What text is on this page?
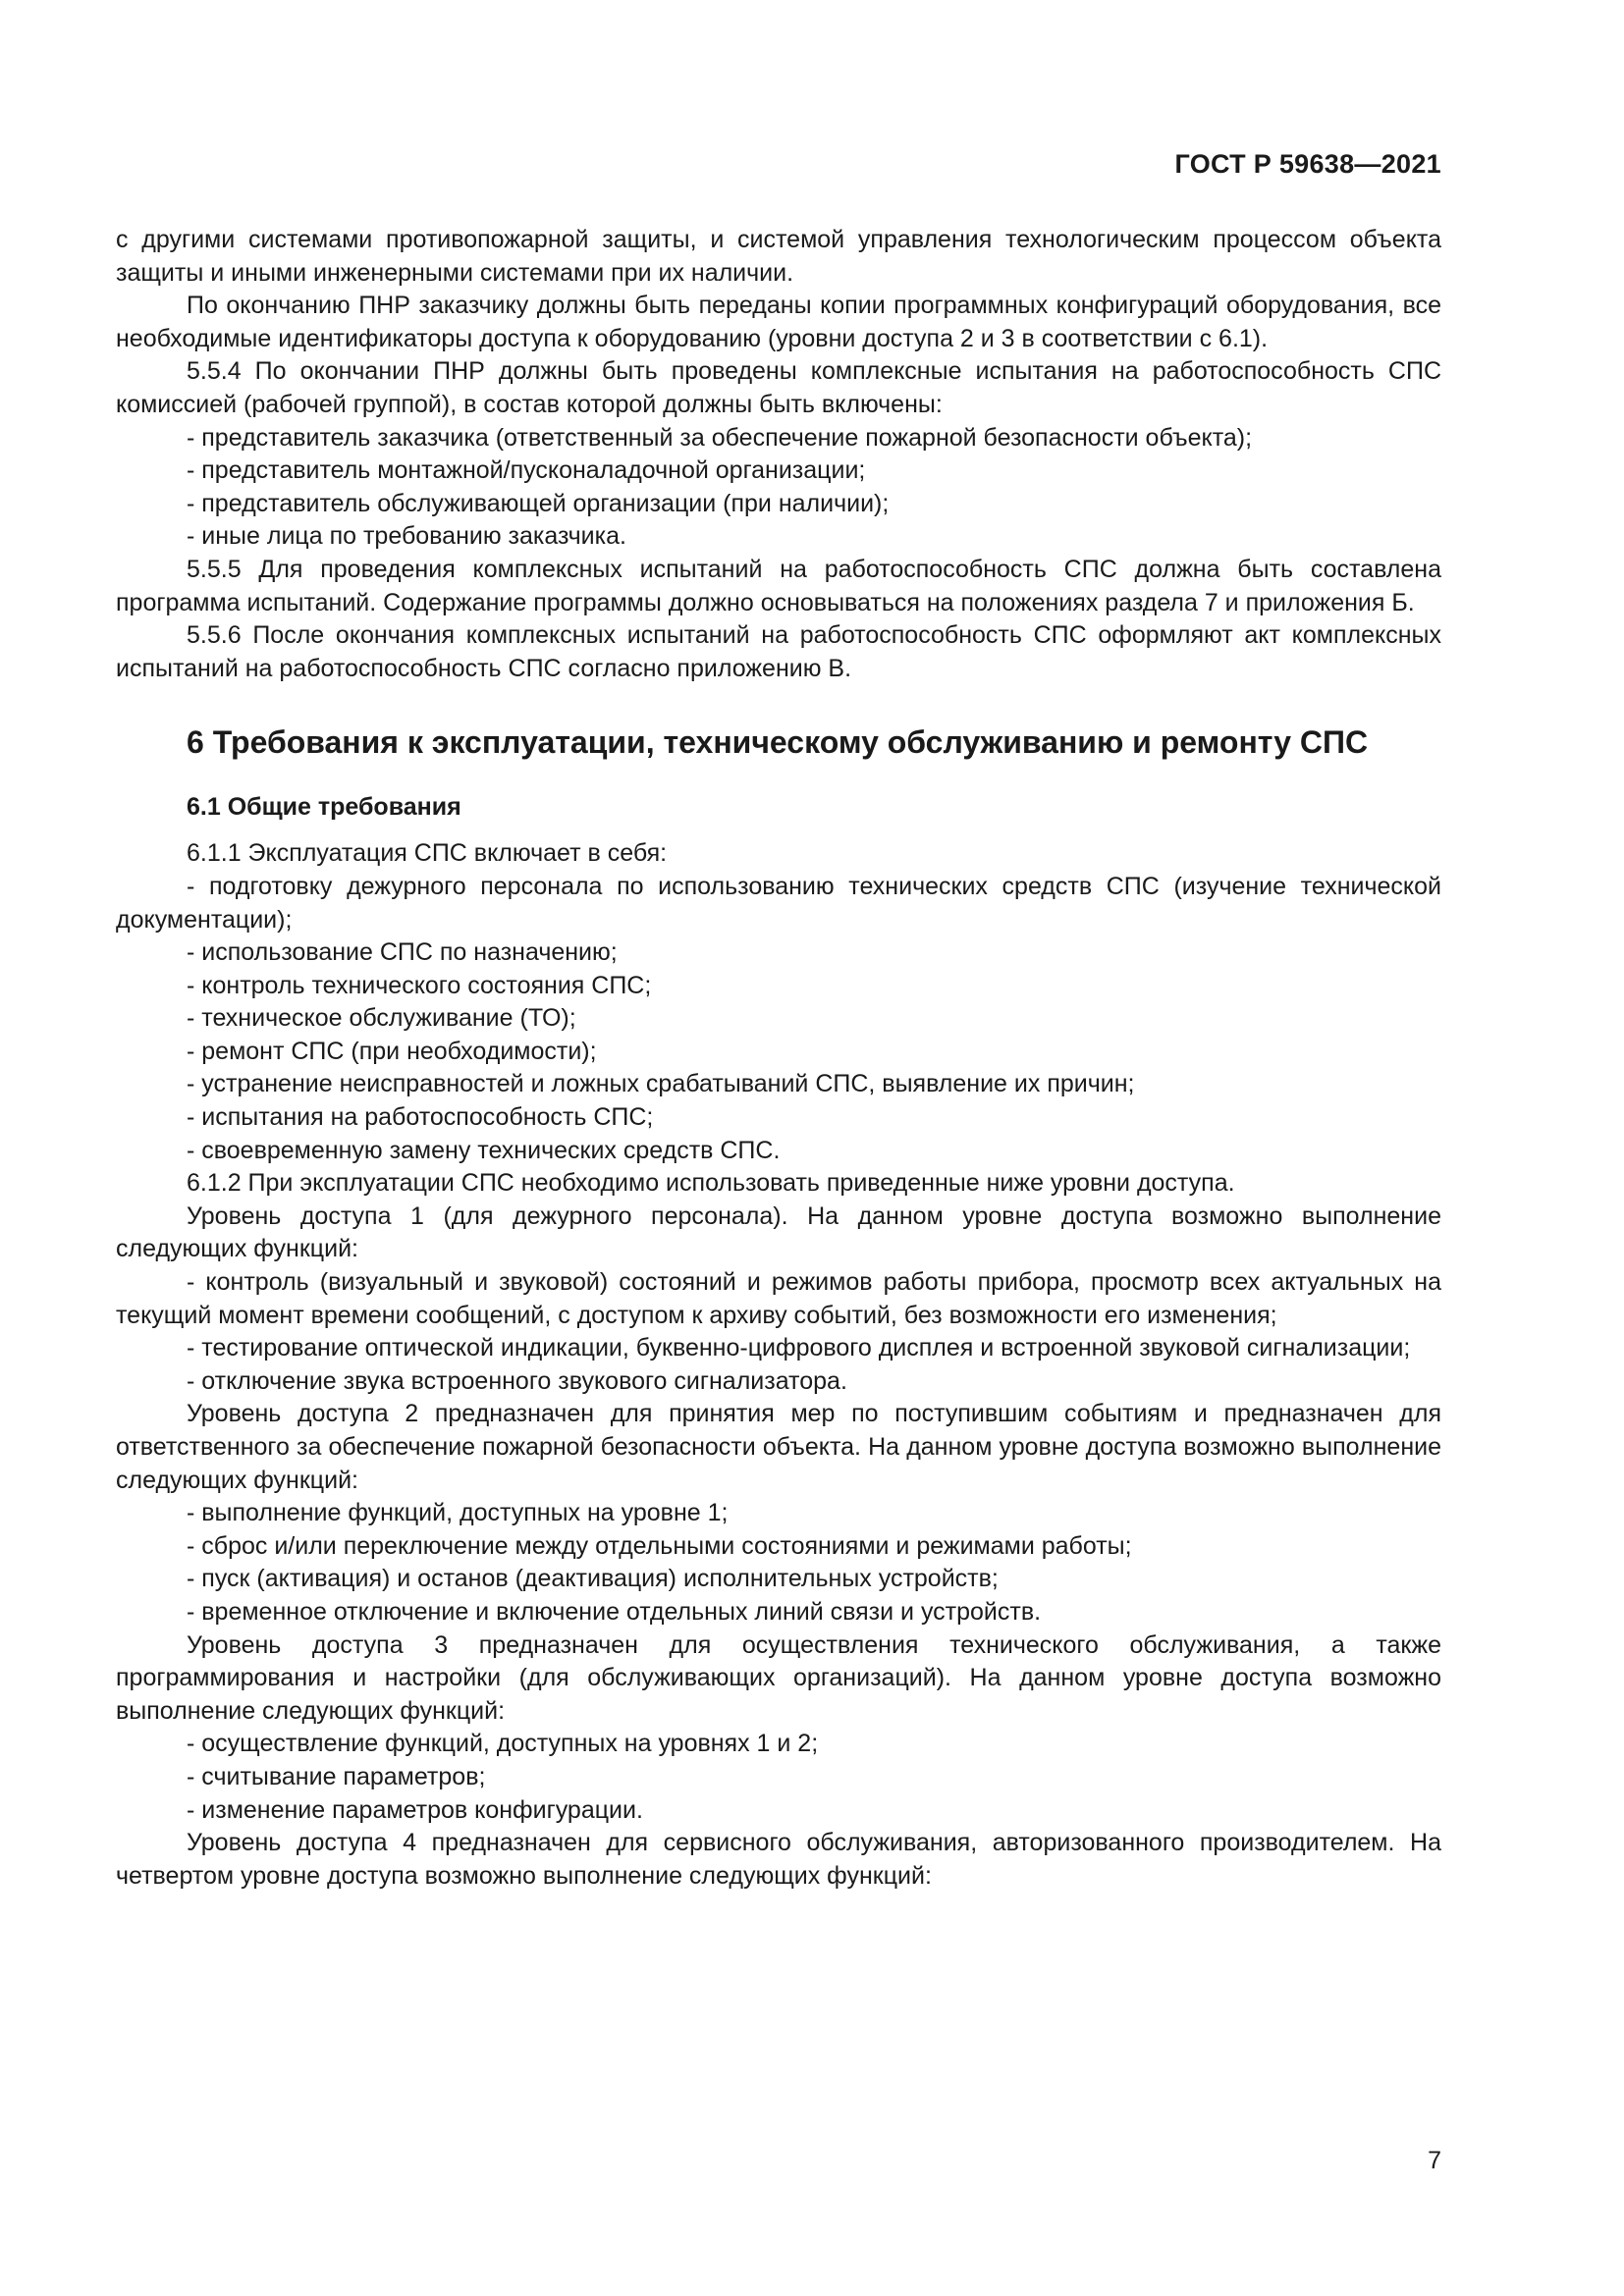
ГОСТ Р 59638—2021

с другими системами противопожарной защиты, и системой управления технологическим процессом объекта защиты и иными инженерными системами при их наличии.

По окончанию ПНР заказчику должны быть переданы копии программных конфигураций оборудования, все необходимые идентификаторы доступа к оборудованию (уровни доступа 2 и 3 в соответствии с 6.1).

5.5.4 По окончании ПНР должны быть проведены комплексные испытания на работоспособность СПС комиссией (рабочей группой), в состав которой должны быть включены:

- представитель заказчика (ответственный за обеспечение пожарной безопасности объекта);

- представитель монтажной/пусконаладочной организации;

- представитель обслуживающей организации (при наличии);

- иные лица по требованию заказчика.

5.5.5 Для проведения комплексных испытаний на работоспособность СПС должна быть составлена программа испытаний. Содержание программы должно основываться на положениях раздела 7 и приложения Б.

5.5.6 После окончания комплексных испытаний на работоспособность СПС оформляют акт комплексных испытаний на работоспособность СПС согласно приложению В.

6 Требования к эксплуатации, техническому обслуживанию и ремонту СПС
6.1 Общие требования

6.1.1 Эксплуатация СПС включает в себя:

- подготовку дежурного персонала по использованию технических средств СПС (изучение технической документации);

- использование СПС по назначению;

- контроль технического состояния СПС;

- техническое обслуживание (ТО);

- ремонт СПС (при необходимости);

- устранение неисправностей и ложных срабатываний СПС, выявление их причин;

- испытания на работоспособность СПС;

- своевременную замену технических средств СПС.

6.1.2 При эксплуатации СПС необходимо использовать приведенные ниже уровни доступа.

Уровень доступа 1 (для дежурного персонала). На данном уровне доступа возможно выполнение следующих функций:

- контроль (визуальный и звуковой) состояний и режимов работы прибора, просмотр всех актуальных на текущий момент времени сообщений, с доступом к архиву событий, без возможности его изменения;

- тестирование оптической индикации, буквенно-цифрового дисплея и встроенной звуковой сигнализации;

- отключение звука встроенного звукового сигнализатора.

Уровень доступа 2 предназначен для принятия мер по поступившим событиям и предназначен для ответственного за обеспечение пожарной безопасности объекта. На данном уровне доступа возможно выполнение следующих функций:

- выполнение функций, доступных на уровне 1;

- сброс и/или переключение между отдельными состояниями и режимами работы;

- пуск (активация) и останов (деактивация) исполнительных устройств;

- временное отключение и включение отдельных линий связи и устройств.

Уровень доступа 3 предназначен для осуществления технического обслуживания, а также программирования и настройки (для обслуживающих организаций). На данном уровне доступа возможно выполнение следующих функций:

- осуществление функций, доступных на уровнях 1 и 2;

- считывание параметров;

- изменение параметров конфигурации.

Уровень доступа 4 предназначен для сервисного обслуживания, авторизованного производителем. На четвертом уровне доступа возможно выполнение следующих функций:

7
